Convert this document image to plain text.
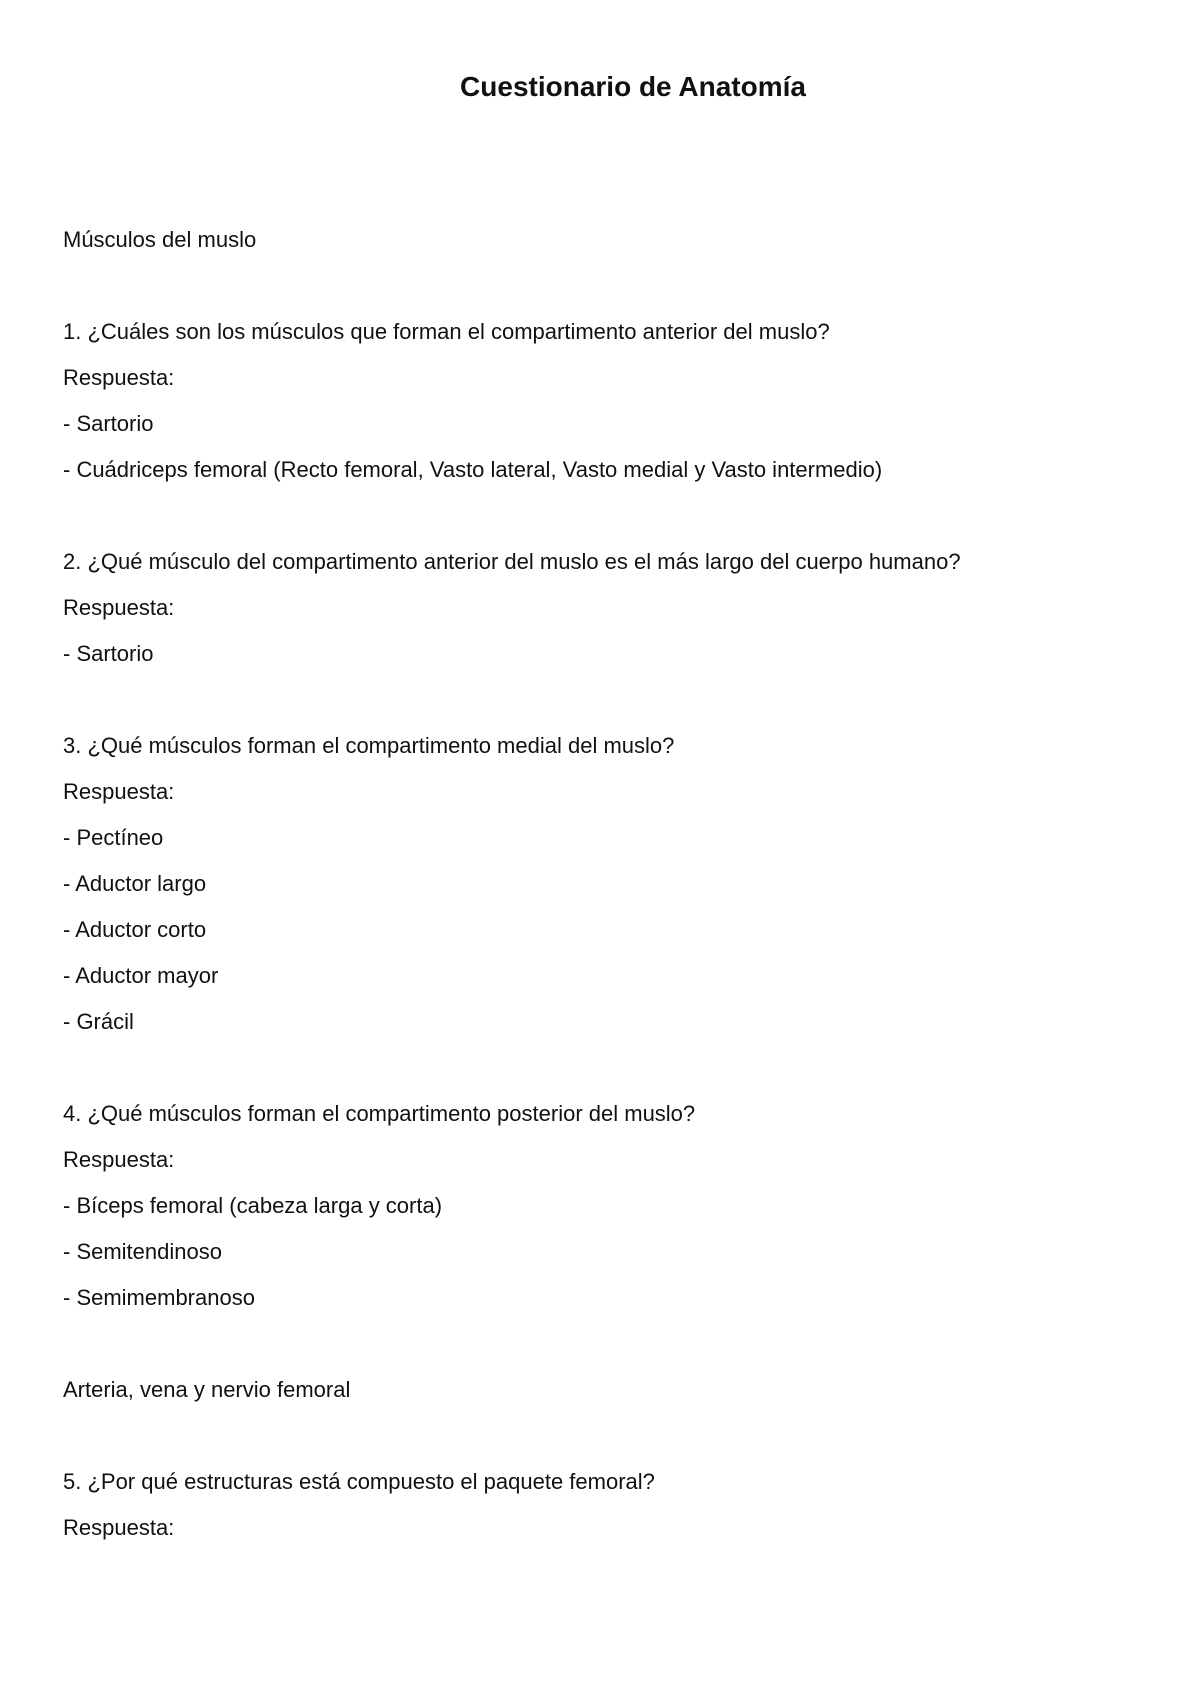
Cuestionario de Anatomía
Músculos del muslo
1. ¿Cuáles son los músculos que forman el compartimento anterior del muslo?
Respuesta:
- Sartorio
- Cuádriceps femoral (Recto femoral, Vasto lateral, Vasto medial y Vasto intermedio)
2. ¿Qué músculo del compartimento anterior del muslo es el más largo del cuerpo humano?
Respuesta:
- Sartorio
3. ¿Qué músculos forman el compartimento medial del muslo?
Respuesta:
- Pectíneo
- Aductor largo
- Aductor corto
- Aductor mayor
- Grácil
4. ¿Qué músculos forman el compartimento posterior del muslo?
Respuesta:
- Bíceps femoral (cabeza larga y corta)
- Semitendinoso
- Semimembranoso
Arteria, vena y nervio femoral
5. ¿Por qué estructuras está compuesto el paquete femoral?
Respuesta:
